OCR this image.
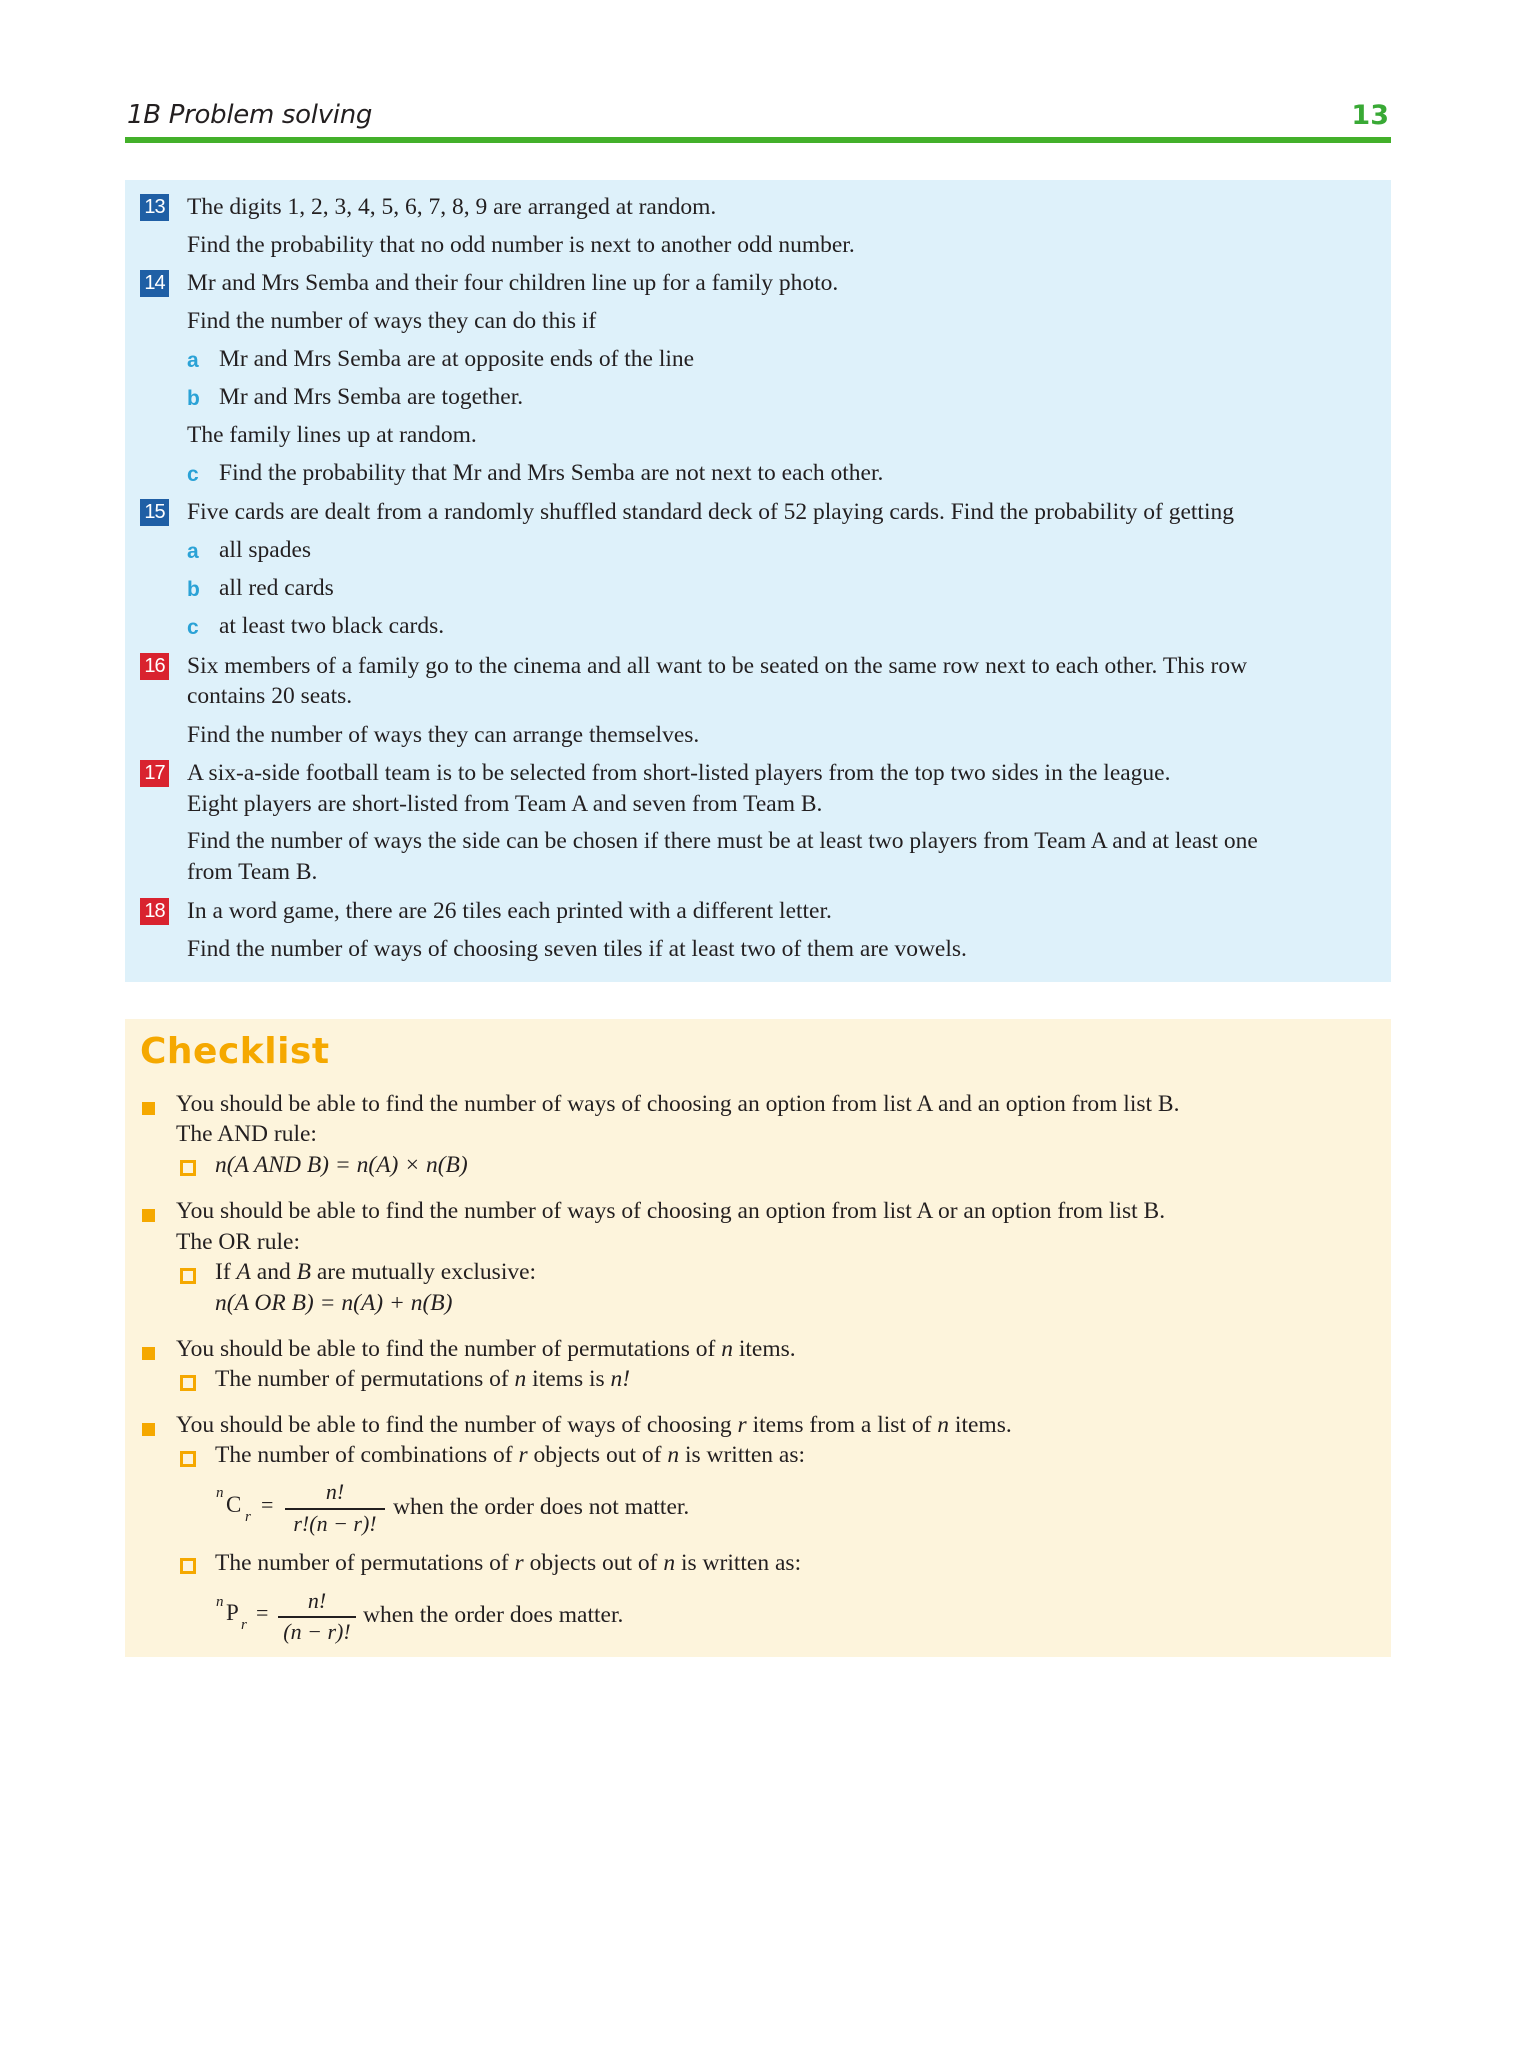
1B Problem solving	13
13 The digits 1, 2, 3, 4, 5, 6, 7, 8, 9 are arranged at random.
Find the probability that no odd number is next to another odd number.
14 Mr and Mrs Semba and their four children line up for a family photo.
Find the number of ways they can do this if
a Mr and Mrs Semba are at opposite ends of the line
b Mr and Mrs Semba are together.
The family lines up at random.
c Find the probability that Mr and Mrs Semba are not next to each other.
15 Five cards are dealt from a randomly shuffled standard deck of 52 playing cards. Find the probability of getting
a all spades
b all red cards
c at least two black cards.
16 Six members of a family go to the cinema and all want to be seated on the same row next to each other. This row
contains 20 seats.
Find the number of ways they can arrange themselves.
17 A six-a-side football team is to be selected from short-listed players from the top two sides in the league.
Eight players are short-listed from Team A and seven from Team B.
Find the number of ways the side can be chosen if there must be at least two players from Team A and at least one
from Team B.
18 In a word game, there are 26 tiles each printed with a different letter.
Find the number of ways of choosing seven tiles if at least two of them are vowels.
Checklist
You should be able to find the number of ways of choosing an option from list A and an option from list B.
The AND rule:
n(A AND B) = n(A) × n(B)
You should be able to find the number of ways of choosing an option from list A or an option from list B.
The OR rule:
If A and B are mutually exclusive:
n(A OR B) = n(A) + n(B)
You should be able to find the number of permutations of n items.
The number of permutations of n items is n!
You should be able to find the number of ways of choosing r items from a list of n items.
The number of combinations of r objects out of n is written as:
n C r =
n!
r!(n − r)!
when the order does not matter.
The number of permutations of r objects out of n is written as:
n P r =	n!
(n − r)!
when the order does matter.
